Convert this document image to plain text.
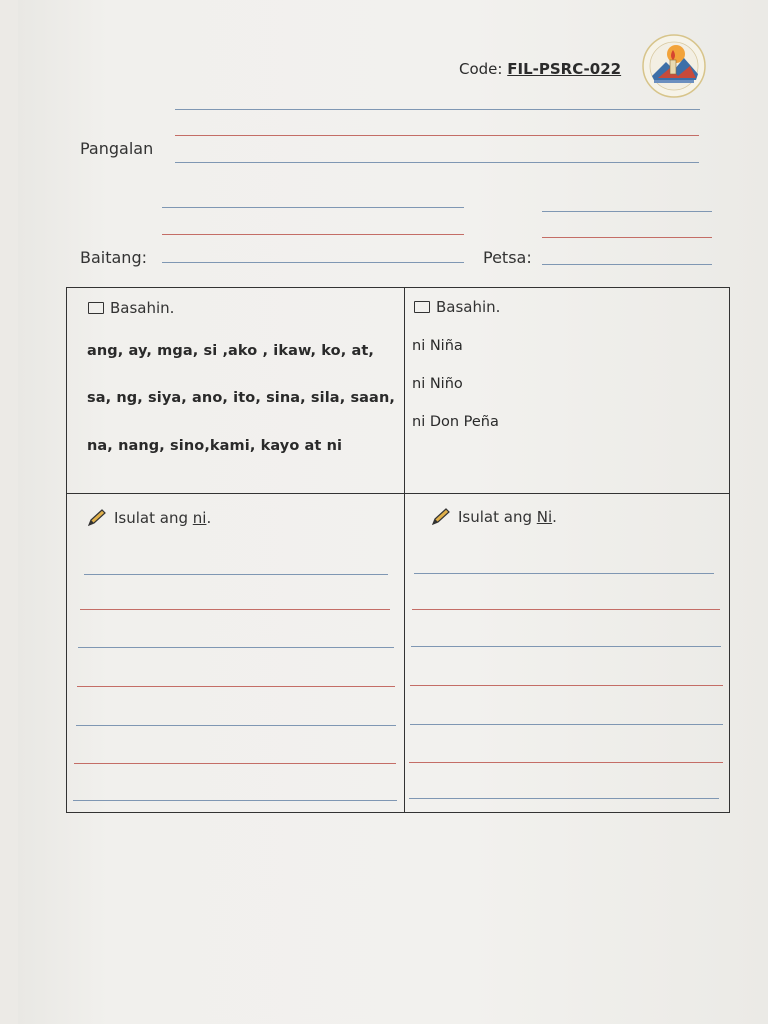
Code: FIL-PSRC-022
Pangalan
Baitang:	Petsa:
Basahin.
ang, ay, mga, si ,ako , ikaw, ko, at,
sa, ng, siya, ano, ito, sina, sila, saan,
na, nang, sino,kami, kayo at ni
Basahin.
ni Niña
ni Niño
ni Don Peña
Isulat ang ni.	Isulat ang Ni.
